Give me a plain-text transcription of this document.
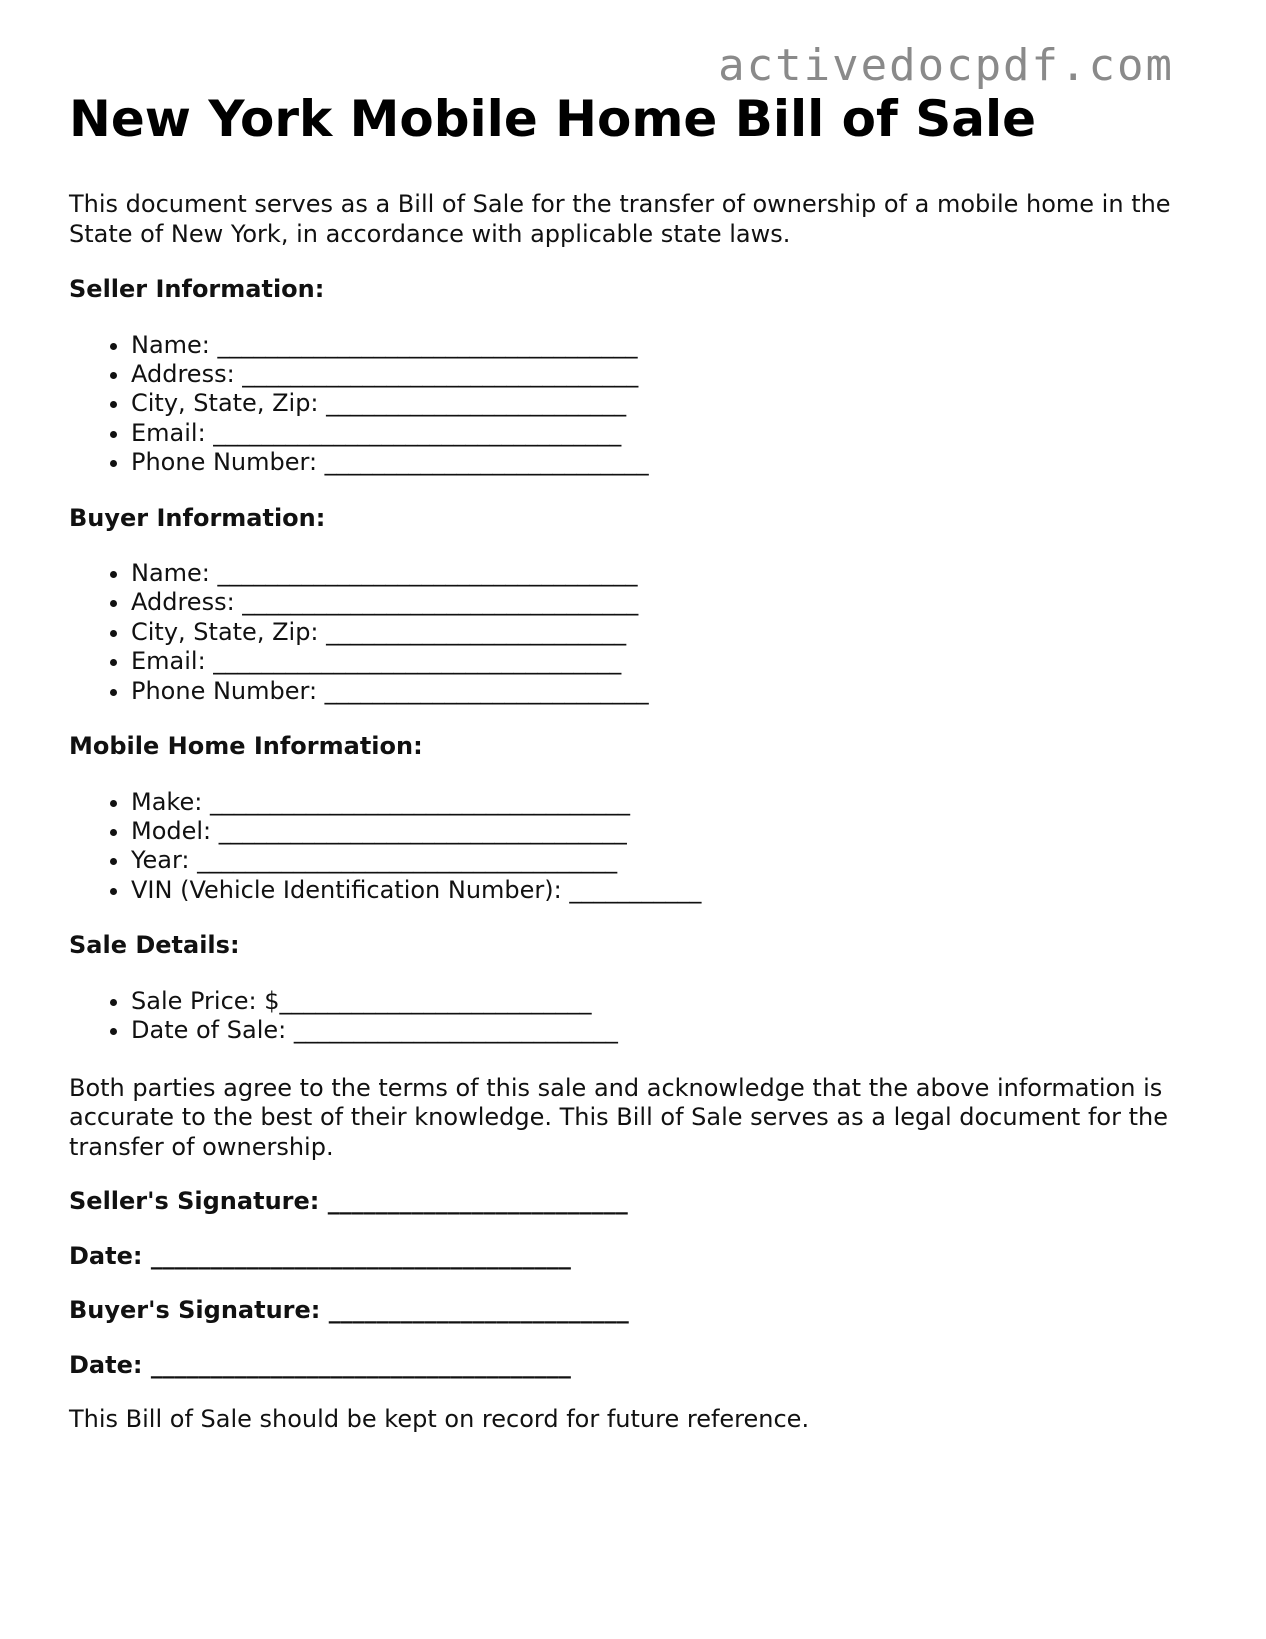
activedocpdf.com
New York Mobile Home Bill of Sale

This document serves as a Bill of Sale for the transfer of ownership of a mobile home in the State of New York, in accordance with applicable state laws.

Seller Information:
• Name: ___________________________________
• Address: _________________________________
• City, State, Zip: _________________________
• Email: __________________________________
• Phone Number: ___________________________
Buyer Information:
• Name: ___________________________________
• Address: _________________________________
• City, State, Zip: _________________________
• Email: __________________________________
• Phone Number: ___________________________
Mobile Home Information:
• Make: ___________________________________
• Model: __________________________________
• Year: ___________________________________
• VIN (Vehicle Identification Number): ___________
Sale Details:
• Sale Price: $__________________________
• Date of Sale: ___________________________

Both parties agree to the terms of this sale and acknowledge that the above information is accurate to the best of their knowledge. This Bill of Sale serves as a legal document for the transfer of ownership.

Seller's Signature: _________________________
Date: ___________________________________
Buyer's Signature: _________________________
Date: ___________________________________

This Bill of Sale should be kept on record for future reference.
